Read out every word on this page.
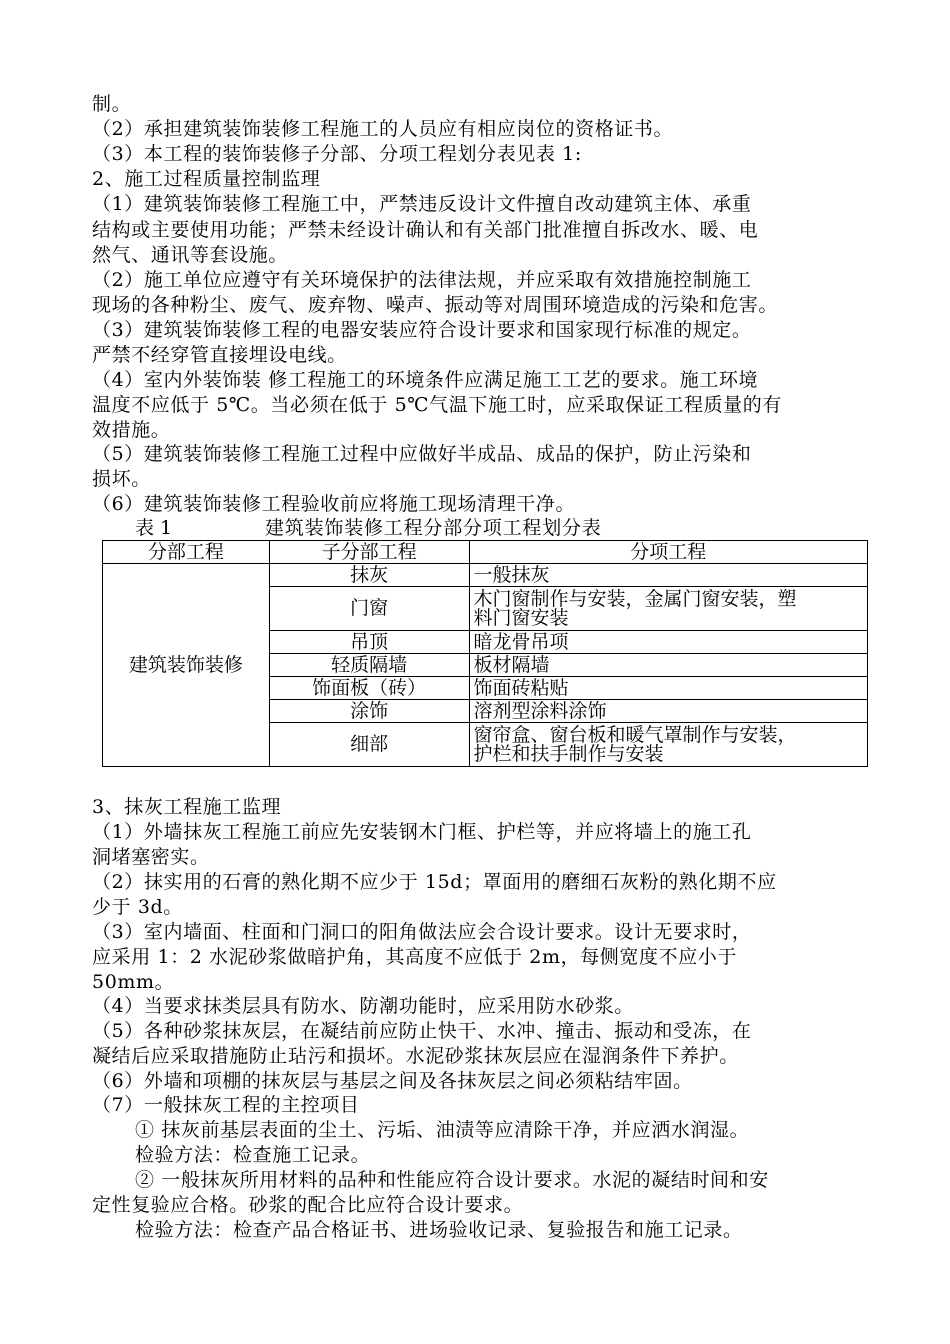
制。
（2）承担建筑装饰装修工程施工的人员应有相应岗位的资格证书。
（3）本工程的装饰装修子分部、分项工程划分表见表 1:
2、施工过程质量控制监理
（1）建筑装饰装修工程施工中，严禁违反设计文件擅自改动建筑主体、承重
结构或主要使用功能；严禁未经设计确认和有关部门批准擅自拆改水、暖、电
然气、通讯等套设施。
（2）施工单位应遵守有关环境保护的法律法规，并应采取有效措施控制施工
现场的各种粉尘、废气、废弃物、噪声、振动等对周围环境造成的污染和危害。
（3）建筑装饰装修工程的电器安装应符合设计要求和国家现行标准的规定。
严禁不经穿管直接埋设电线。
（4）室内外装饰装 修工程施工的环境条件应满足施工工艺的要求。施工环境
温度不应低于 5℃。当必须在低于 5℃气温下施工时，应采取保证工程质量的有
效措施。
（5）建筑装饰装修工程施工过程中应做好半成品、成品的保护，防止污染和
损坏。
（6）建筑装饰装修工程验收前应将施工现场清理干净。
表 1	建筑装饰装修工程分部分项工程划分表
分部工程	子分部工程	分项工程
建筑装饰装修	抹灰	一般抹灰
	门窗	木门窗制作与安装，金属门窗安装，塑
料门窗安装

	吊顶	暗龙骨吊项
	轻质隔墙	板材隔墙
	饰面板（砖）	饰面砖粘贴
	涂饰	溶剂型涂料涂饰
	细部	窗帘盒、窗台板和暖气罩制作与安装，
护栏和扶手制作与安装
3、抹灰工程施工监理
（1）外墙抹灰工程施工前应先安装钢木门框、护栏等，并应将墙上的施工孔
洞堵塞密实。
（2）抹实用的石膏的熟化期不应少于 15d；罩面用的磨细石灰粉的熟化期不应
少于 3d。
（3）室内墙面、柱面和门洞口的阳角做法应会合设计要求。设计无要求时，
应采用 1：2 水泥砂浆做暗护角，其高度不应低于 2m，每侧宽度不应小于
50mm。
（4）当要求抹类层具有防水、防潮功能时，应采用防水砂浆。
（5）各种砂浆抹灰层，在凝结前应防止快干、水冲、撞击、振动和受冻，在
凝结后应采取措施防止玷污和损坏。水泥砂浆抹灰层应在湿润条件下养护。
（6）外墙和项棚的抹灰层与基层之间及各抹灰层之间必须粘结牢固。
（7）一般抹灰工程的主控项目
① 抹灰前基层表面的尘土、污垢、油渍等应清除干净，并应洒水润湿。
检验方法：检查施工记录。
② 一般抹灰所用材料的品种和性能应符合设计要求。水泥的凝结时间和安
定性复验应合格。砂浆的配合比应符合设计要求。
检验方法：检查产品合格证书、进场验收记录、复验报告和施工记录。
